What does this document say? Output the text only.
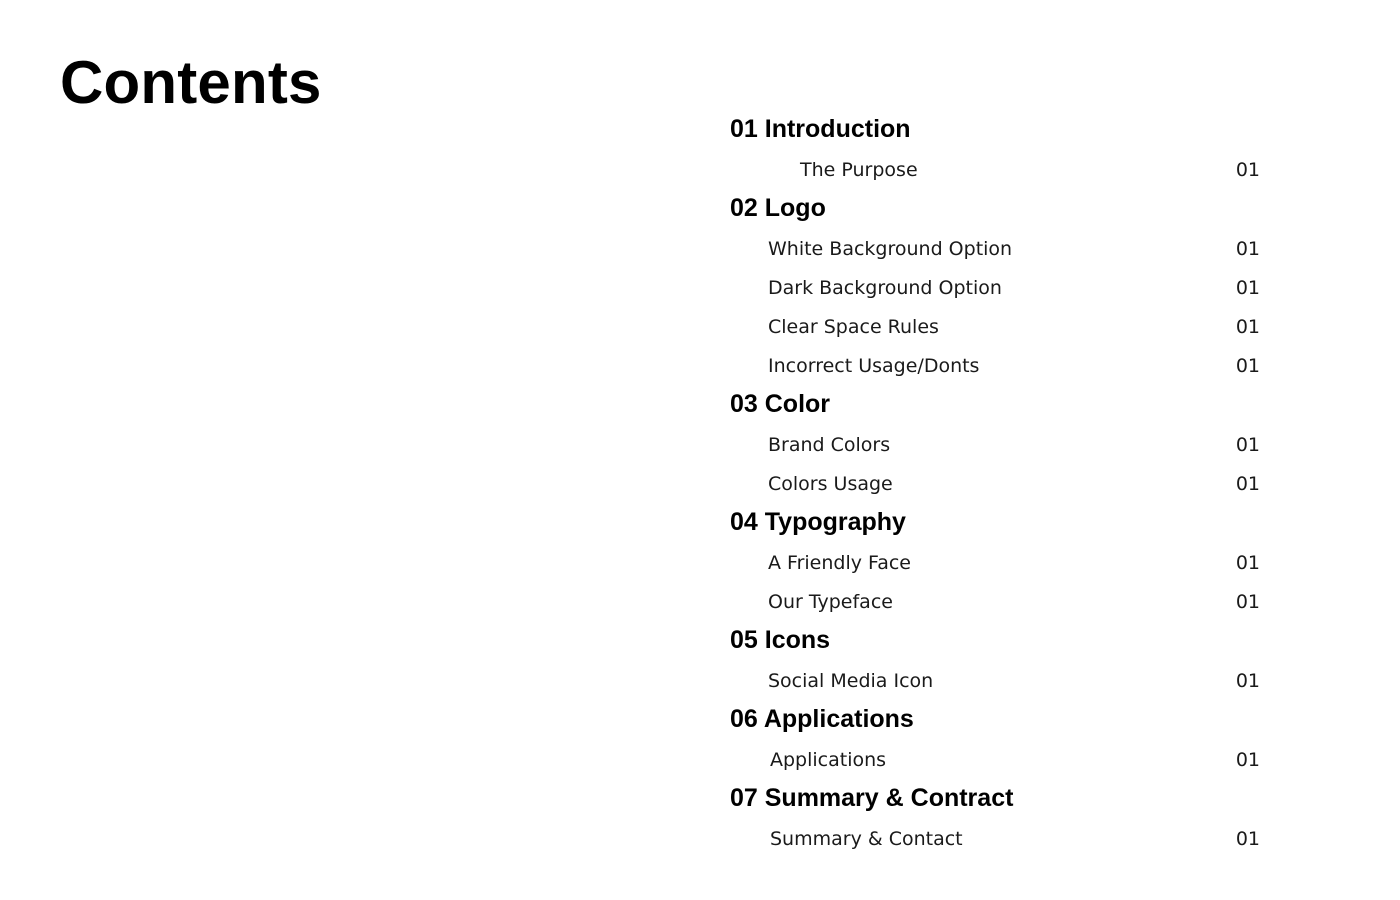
Contents
01 Introduction
The Purpose	01
02 Logo
White Background Option	01
Dark Background Option	01
Clear Space Rules	01
Incorrect Usage/Donts	01
03 Color
Brand Colors	01
Colors Usage	01
04 Typography
A Friendly Face	01
Our Typeface	01
05 Icons
Social Media Icon	01
06 Applications
Applications	01
07 Summary & Contract
Summary & Contact	01
